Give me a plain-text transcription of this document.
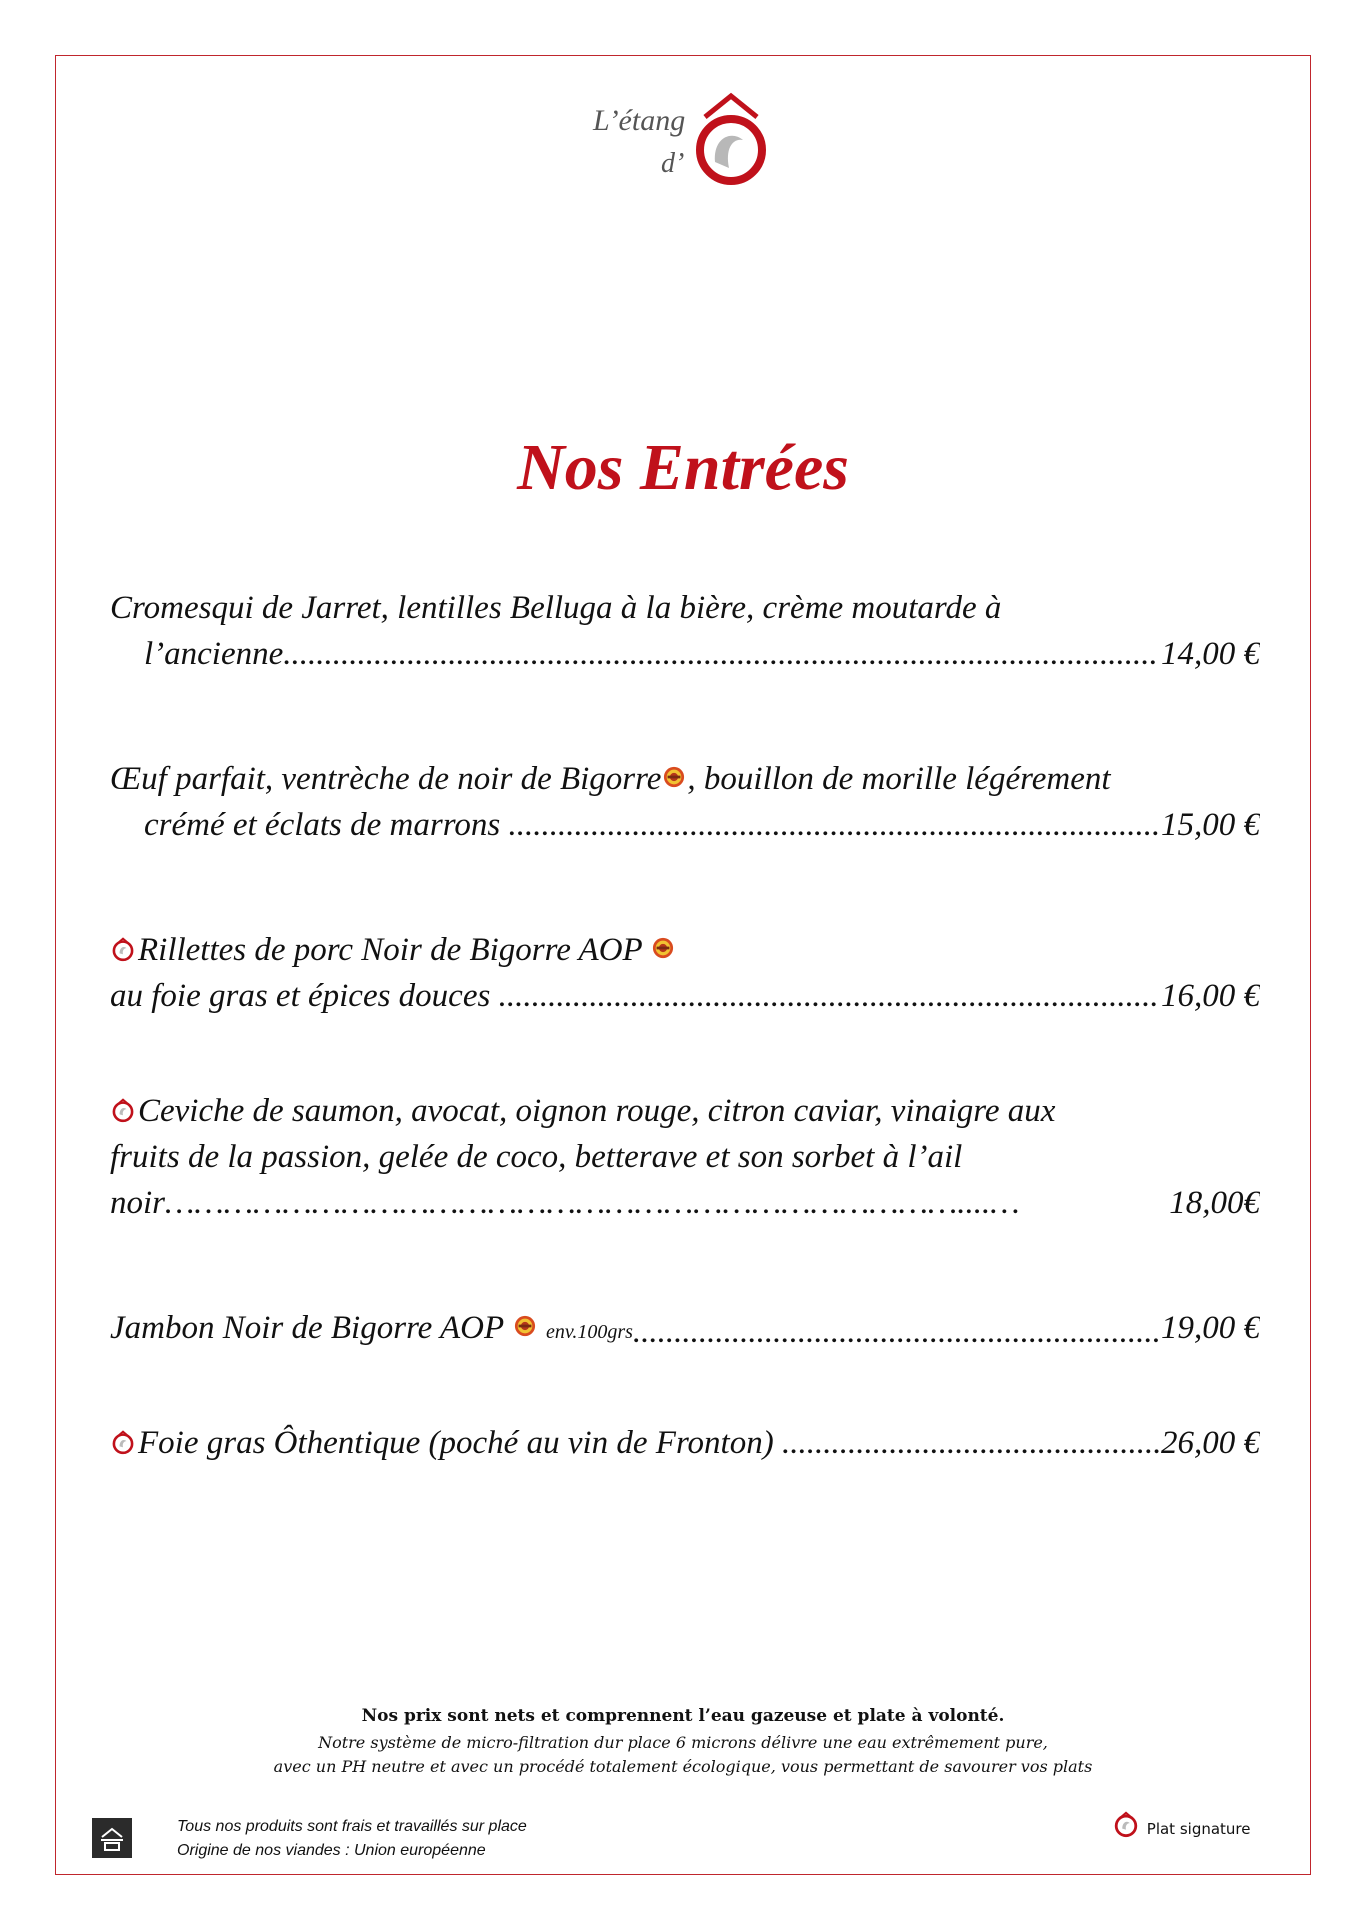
L’étang
d’
Nos Entrées
Cromesqui de Jarret, lentilles Belluga à la bière, crème moutarde à
l’ancienne .....	14,00 €
Œuf parfait, ventrèche de noir de Bigorre , bouillon de morille légérement
crémé et éclats de marrons .....	15,00 €
Rillettes de porc Noir de Bigorre AOP
au foie gras et épices douces .....	16,00 €
Ceviche de saumon, avocat, oignon rouge, citron caviar, vinaigre aux
fruits de la passion, gelée de coco, betterave et son sorbet à l’ail
noir………………………………………………………………………....…	18,00€
Jambon Noir de Bigorre AOP env.100grs .....	19,00 €
Foie gras Ôthentique (poché au vin de Fronton) .....	26,00 €
Nos prix sont nets et comprennent l’eau gazeuse et plate à volonté.
Notre système de micro-filtration dur place 6 microns délivre une eau extrêmement pure,
avec un PH neutre et avec un procédé totalement écologique, vous permettant de savourer vos plats
Tous nos produits sont frais et travaillés sur place
Origine de nos viandes : Union européenne
Plat signature
